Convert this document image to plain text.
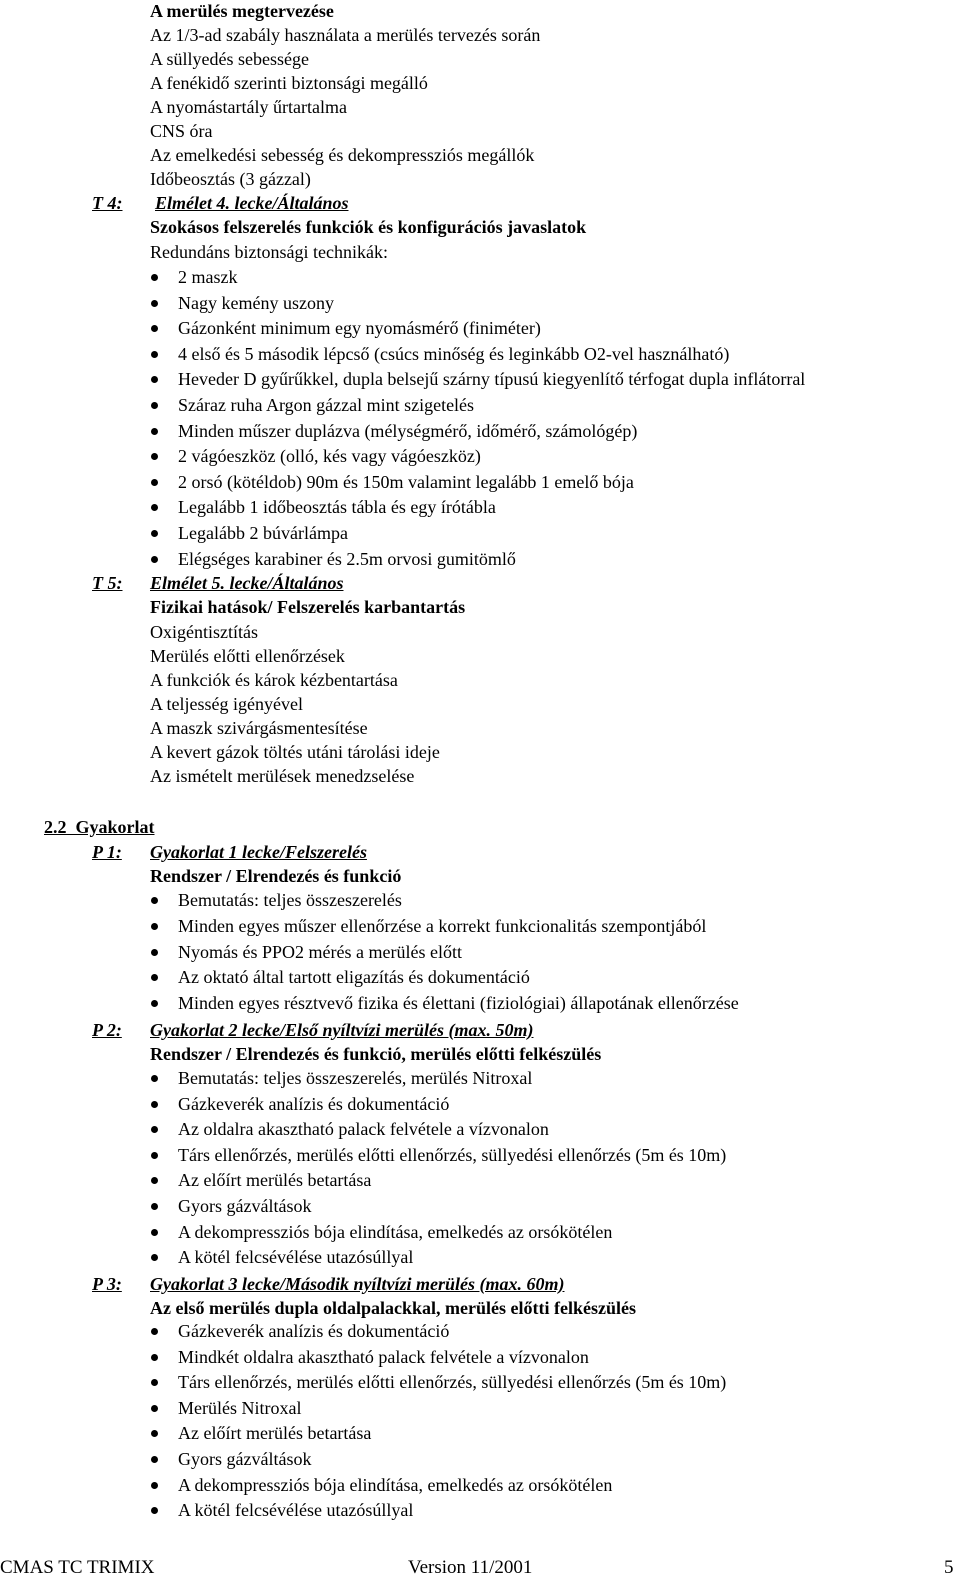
A merülés megtervezése
Az 1/3-ad szabály használata a merülés tervezés során
A süllyedés sebessége
A fenékidő szerinti biztonsági megálló
A nyomástartály űrtartalma
CNS óra
Az emelkedési sebesség és dekompressziós megállók
Időbeosztás (3 gázzal)
T 4: Elmélet 4. lecke/Általános
Szokásos felszerelés funkciók és konfigurációs javaslatok
Redundáns biztonsági technikák:
2 maszk
Nagy kemény uszony
Gázonként minimum egy nyomásmérő (finiméter)
4 első és 5 második lépcső (csúcs minőség és leginkább O2-vel használható)
Heveder D gyűrűkkel, dupla belsejű szárny típusú kiegyenlítő térfogat dupla inflátorral
Száraz ruha Argon gázzal mint szigetelés
Minden műszer duplázva (mélységmérő, időmérő, számológép)
2 vágóeszköz (olló, kés vagy vágóeszköz)
2 orsó (kötéldob) 90m és 150m valamint legalább 1 emelő bója
Legalább 1 időbeosztás tábla és egy írótábla
Legalább 2 búvárlámpa
Elégséges karabiner és 2.5m orvosi gumitömlő
T 5: Elmélet 5. lecke/Általános
Fizikai hatások/ Felszerelés karbantartás
Oxigéntisztítás
Merülés előtti ellenőrzések
A funkciók és károk kézbentartása
A teljesség igényével
A maszk szivárgásmentesítése
A kevert gázok töltés utáni tárolási ideje
Az ismételt merülések menedzselése
2.2  Gyakorlat
P 1: Gyakorlat 1 lecke/Felszerelés
Rendszer / Elrendezés és funkció
Bemutatás: teljes összeszerelés
Minden egyes műszer ellenőrzése a korrekt funkcionalitás szempontjából
Nyomás és PPO2 mérés a merülés előtt
Az oktató által tartott eligazítás és dokumentáció
Minden egyes résztvevő fizika és élettani (fiziológiai) állapotának ellenőrzése
P 2: Gyakorlat 2 lecke/Első nyíltvízi merülés (max. 50m)
Rendszer / Elrendezés és funkció, merülés előtti felkészülés
Bemutatás: teljes összeszerelés, merülés Nitroxal
Gázkeverék analízis és dokumentáció
Az oldalra akasztható palack felvétele a vízvonalon
Társ ellenőrzés, merülés előtti ellenőrzés, süllyedési ellenőrzés (5m és 10m)
Az előírt merülés betartása
Gyors gázváltások
A dekompressziós bója elindítása, emelkedés az orsókötélen
A kötél felcsévélése utazósúllyal
P 3: Gyakorlat 3 lecke/Második nyíltvízi merülés (max. 60m)
Az első merülés dupla oldalpalackkal, merülés előtti felkészülés
Gázkeverék analízis és dokumentáció
Mindkét oldalra akasztható palack felvétele a vízvonalon
Társ ellenőrzés, merülés előtti ellenőrzés, süllyedési ellenőrzés (5m és 10m)
Merülés Nitroxal
Az előírt merülés betartása
Gyors gázváltások
A dekompressziós bója elindítása, emelkedés az orsókötélen
A kötél felcsévélése utazósúllyal
CMAS TC TRIMIX	Version 11/2001	5
